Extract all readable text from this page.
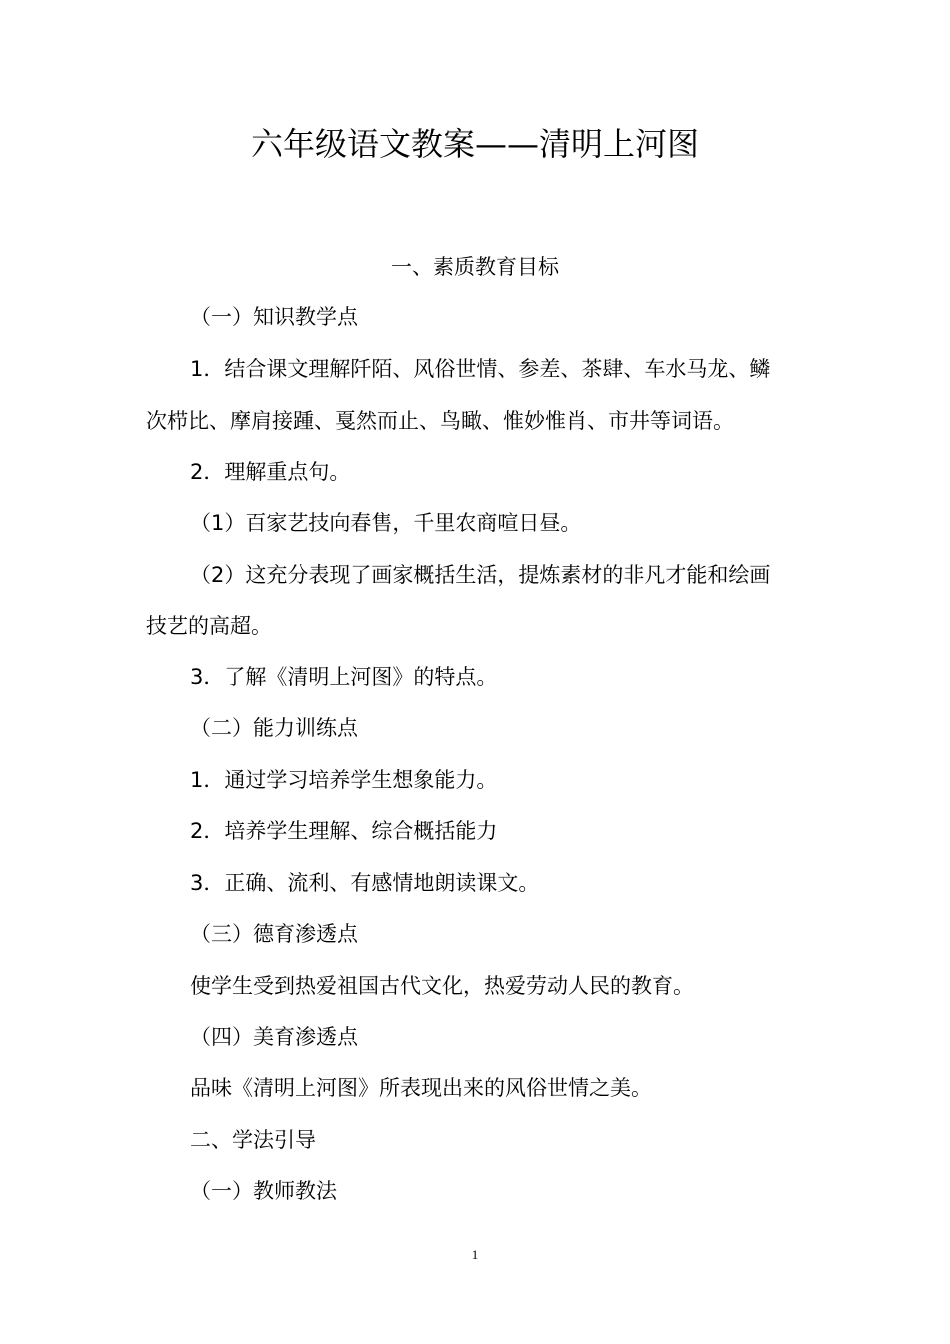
六年级语文教案——清明上河图
一、素质教育目标
（一）知识教学点
1．结合课文理解阡陌、风俗世情、参差、茶肆、车水马龙、鳞
次栉比、摩肩接踵、戛然而止、鸟瞰、惟妙惟肖、市井等词语。
2．理解重点句。
（1）百家艺技向春售，千里农商喧日昼。
（2）这充分表现了画家概括生活，提炼素材的非凡才能和绘画
技艺的高超。
3．了解《清明上河图》的特点。
（二）能力训练点
1．通过学习培养学生想象能力。
2．培养学生理解、综合概括能力
3．正确、流利、有感情地朗读课文。
（三）德育渗透点
使学生受到热爱祖国古代文化，热爱劳动人民的教育。
（四）美育渗透点
品味《清明上河图》所表现出来的风俗世情之美。
二、学法引导
（一）教师教法
1
